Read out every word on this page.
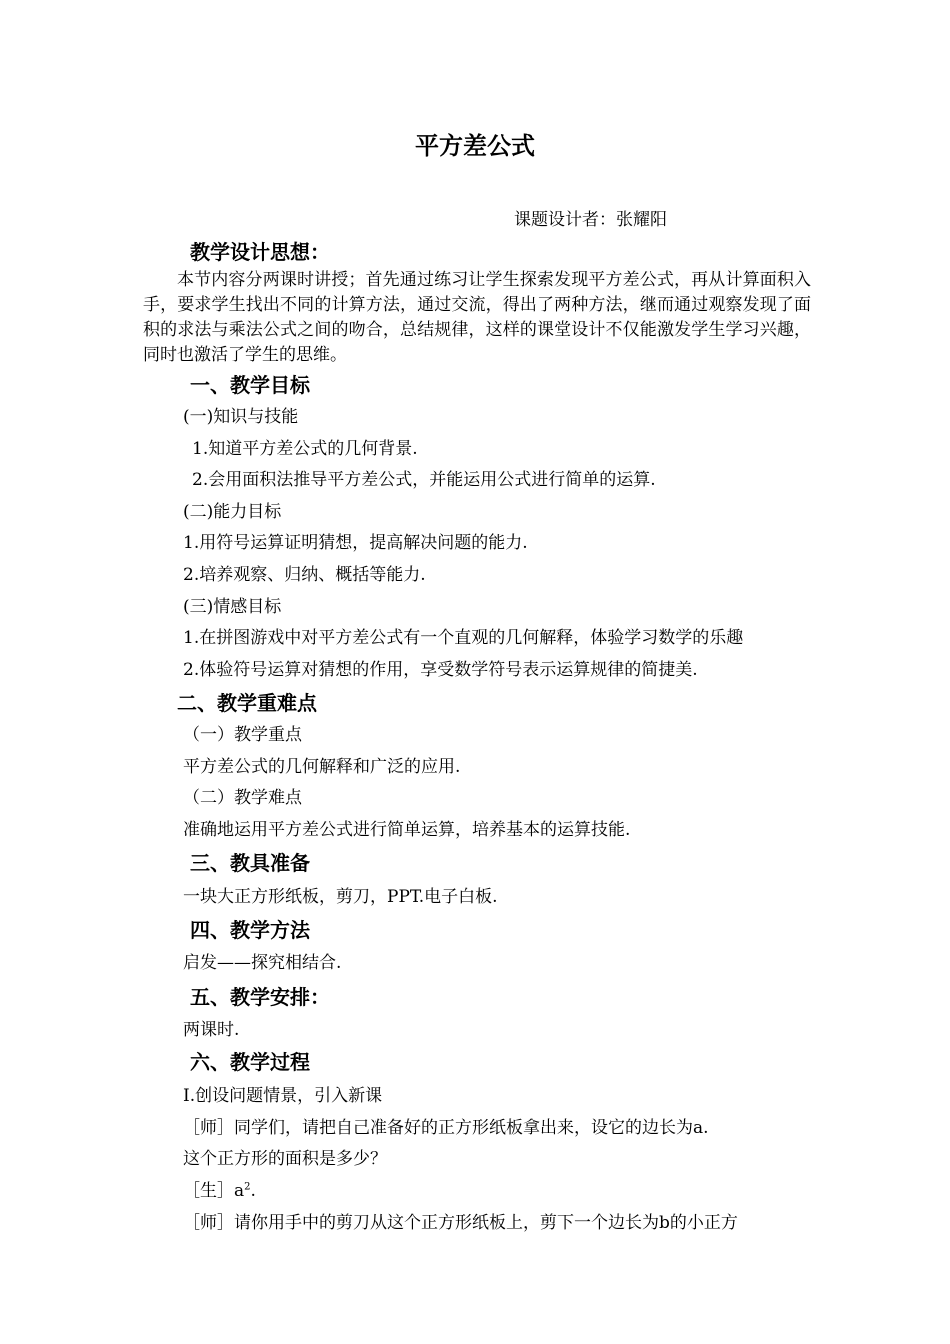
平方差公式
课题设计者：张耀阳
教学设计思想：
本节内容分两课时讲授；首先通过练习让学生探索发现平方差公式，再从计算面积入手，要求学生找出不同的计算方法，通过交流，得出了两种方法，继而通过观察发现了面积的求法与乘法公式之间的吻合，总结规律，这样的课堂设计不仅能激发学生学习兴趣，同时也激活了学生的思维。
一、教学目标
(一)知识与技能
1.知道平方差公式的几何背景.
2.会用面积法推导平方差公式，并能运用公式进行简单的运算.
(二)能力目标
1.用符号运算证明猜想，提高解决问题的能力.
2.培养观察、归纳、概括等能力.
(三)情感目标
1.在拼图游戏中对平方差公式有一个直观的几何解释，体验学习数学的乐趣
2.体验符号运算对猜想的作用，享受数学符号表示运算规律的简捷美.
二、教学重难点
（一）教学重点
平方差公式的几何解释和广泛的应用.
（二）教学难点
准确地运用平方差公式进行简单运算，培养基本的运算技能.
三、教具准备
一块大正方形纸板，剪刀，PPT.电子白板.
四、教学方法
启发——探究相结合.
五、教学安排：
两课时.
六、教学过程
Ⅰ.创设问题情景，引入新课
［师］同学们，请把自己准备好的正方形纸板拿出来，设它的边长为a.
这个正方形的面积是多少？
［生$]a^2$.
［师］请你用手中的剪刀从这个正方形纸板上，剪下一个边长为b的小正方
